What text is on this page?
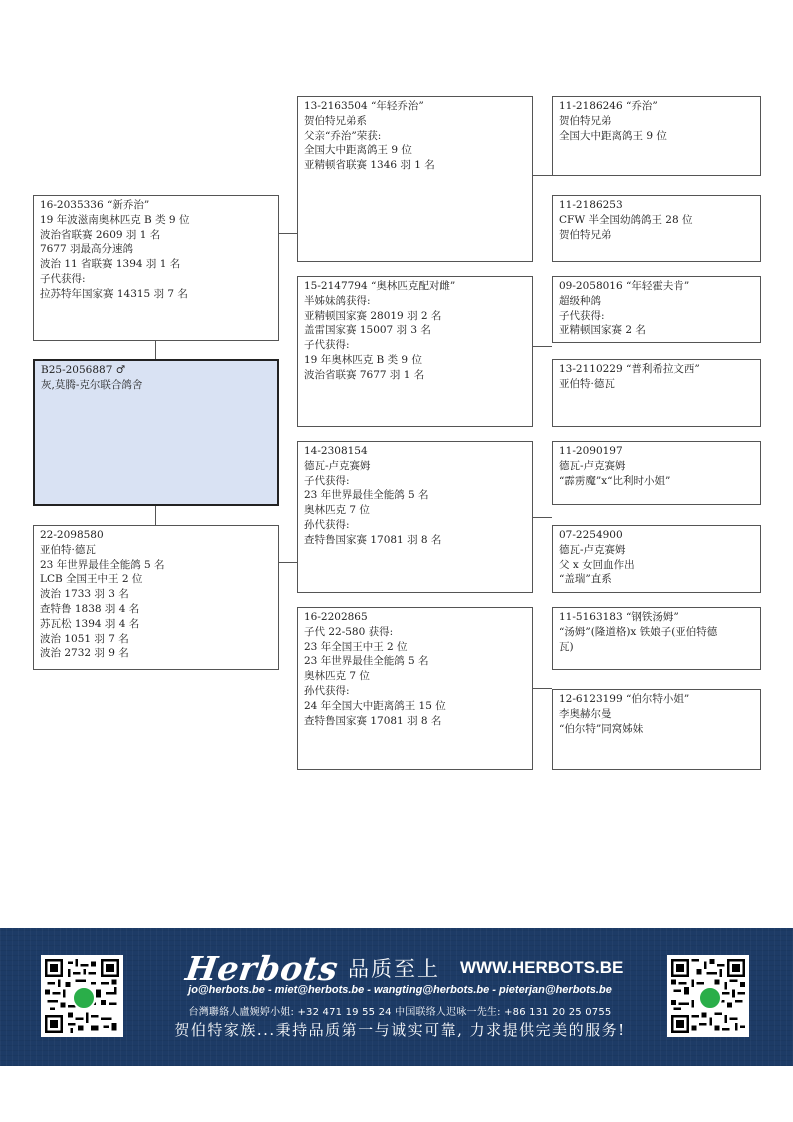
16-2035336 “新乔治”
19 年波滋南奥林匹克 B 类 9 位
波治省联赛 2609 羽 1 名
7677 羽最高分速鸽
波治 11 省联赛 1394 羽 1 名
子代获得:
拉苏特年国家赛 14315 羽 7 名
B25-2056887 ♂
灰,莫腾-克尔联合鸽舍
22-2098580
亚伯特·德瓦
23 年世界最佳全能鸽 5 名
LCB 全国王中王 2 位
波治 1733 羽 3 名
查特鲁 1838 羽 4 名
苏瓦松 1394 羽 4 名
波治 1051 羽 7 名
波治 2732 羽 9 名
13-2163504 “年轻乔治”
贺伯特兄弟系
父亲“乔治”荣获:
全国大中距离鸽王 9 位
亚精顿省联赛 1346 羽 1 名
15-2147794 “奥林匹克配对雌”
半姊妹鸽获得:
亚精顿国家赛 28019 羽 2 名
盖雷国家赛 15007 羽 3 名
子代获得:
19 年奥林匹克 B 类 9 位
波治省联赛 7677 羽 1 名
14-2308154
德瓦-卢克赛姆
子代获得:
23 年世界最佳全能鸽 5 名
奥林匹克 7 位
孙代获得:
查特鲁国家赛 17081 羽 8 名
16-2202865
子代 22-580 获得:
23 年全国王中王 2 位
23 年世界最佳全能鸽 5 名
奥林匹克 7 位
孙代获得:
24 年全国大中距离鸽王 15 位
查特鲁国家赛 17081 羽 8 名
11-2186246 “乔治”
贺伯特兄弟
全国大中距离鸽王 9 位
11-2186253
CFW 半全国幼鸽鸽王 28 位
贺伯特兄弟
09-2058016 “年轻霍夫肯”
超级种鸽
子代获得:
亚精顿国家赛 2 名
13-2110229 “普利希拉文西”
亚伯特·德瓦
11-2090197
德瓦-卢克赛姆
“霹雳魔”x“比利时小姐”
07-2254900
德瓦-卢克赛姆
父 x 女回血作出
“盖瑞”直系
11-5163183 “钢铁汤姆”
“汤姆”(隆道格)x 铁娘子(亚伯特德
瓦)
12-6123199 “伯尔特小姐”
李奥赫尔曼
“伯尔特”同窝姊妹
Herbots 品质至上 WWW.HERBOTS.BE
jo@herbots.be - miet@herbots.be - wangting@herbots.be - pieterjan@herbots.be
台灣聯絡人盧婉婷小姐: +32 471 19 55 24 中国联络人迟咏一先生: +86 131 20 25 0755
贺伯特家族...秉持品质第一与诚实可靠, 力求提供完美的服务!
